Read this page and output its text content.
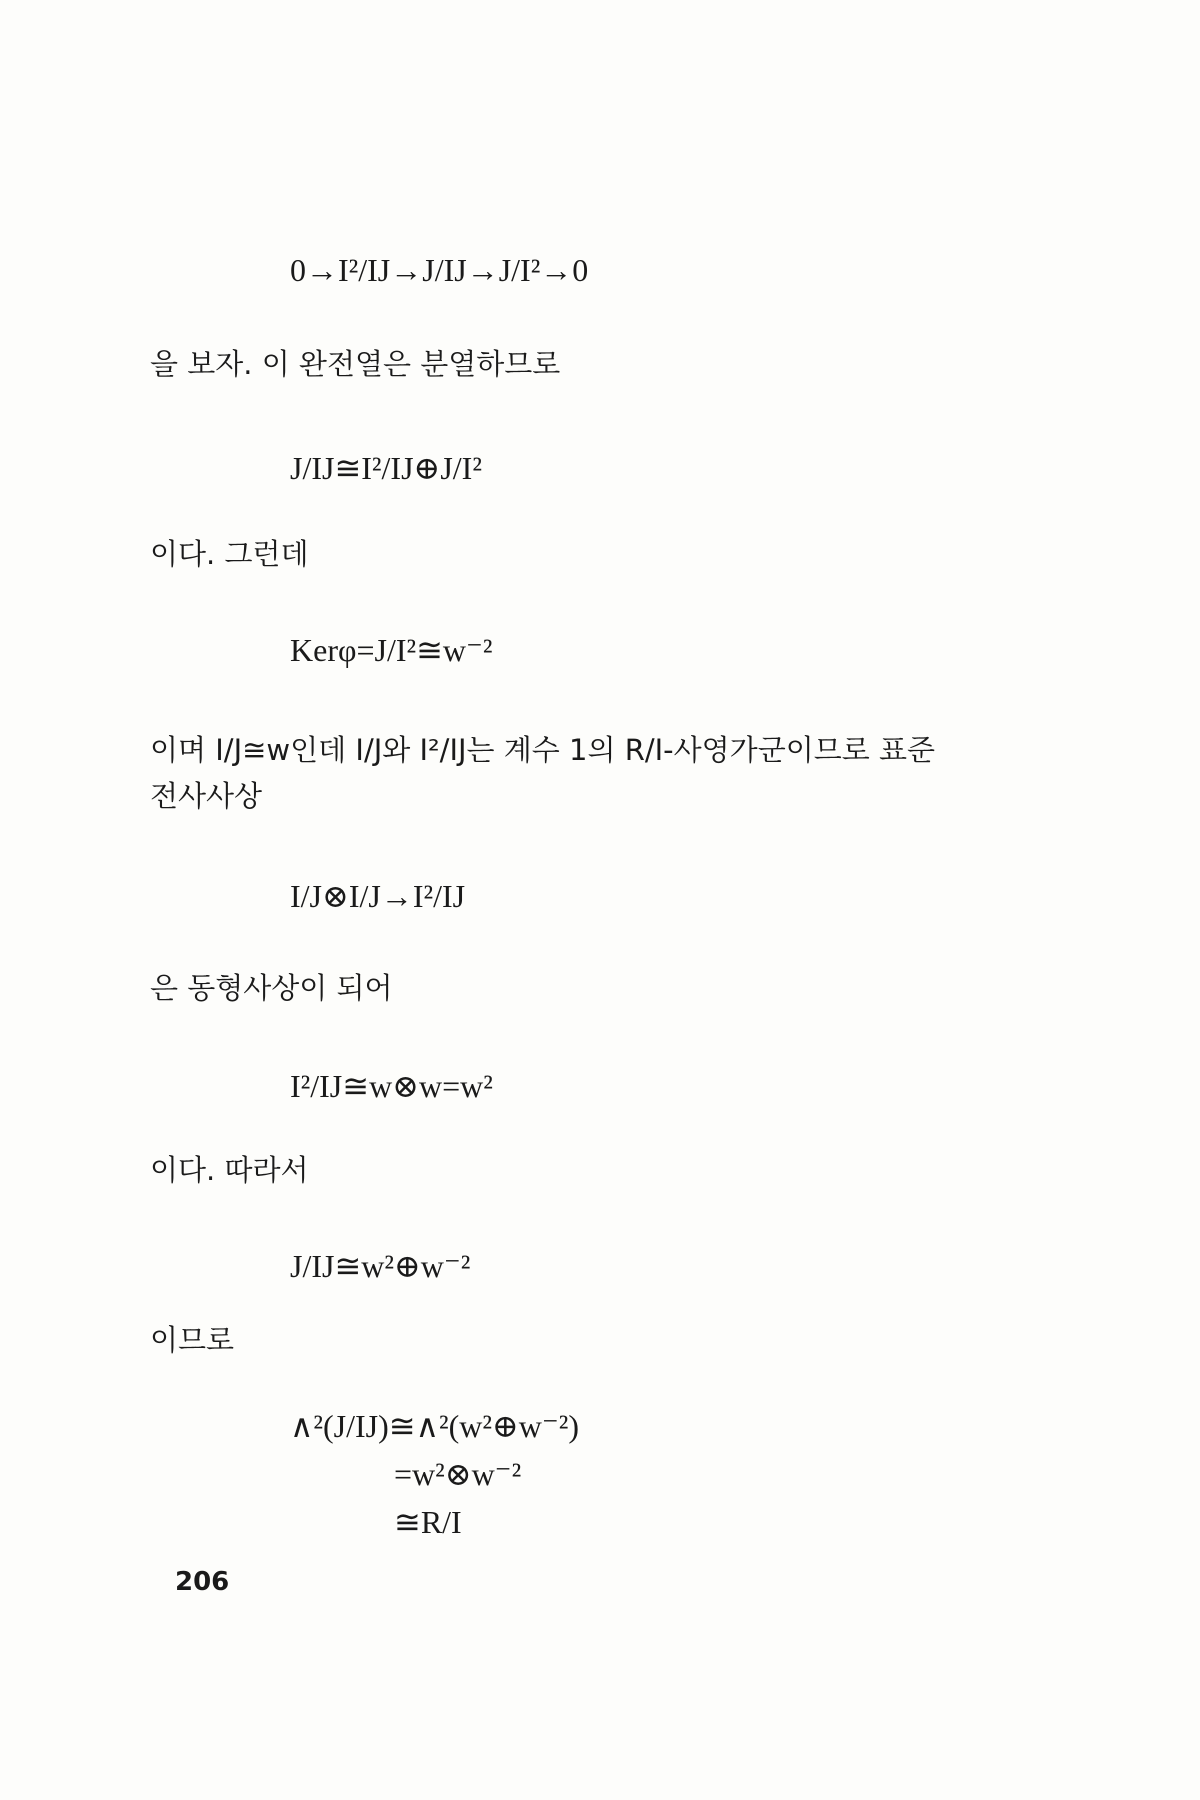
0→I²/IJ→J/IJ→J/I²→0
을 보자. 이 완전열은 분열하므로
J/IJ≅I²/IJ⊕J/I²
이다. 그런데
Kerφ=J/I²≅w⁻²
이며 I/J≅w인데 I/J와 I²/IJ는 계수 1의 R/I-사영가군이므로 표준
전사사상
I/J⊗I/J→I²/IJ
은 동형사상이 되어
I²/IJ≅w⊗w=w²
이다. 따라서
J/IJ≅w²⊕w⁻²
이므로
∧²(J/IJ)≅∧²(w²⊕w⁻²)
=w²⊗w⁻²
≅R/I
206
